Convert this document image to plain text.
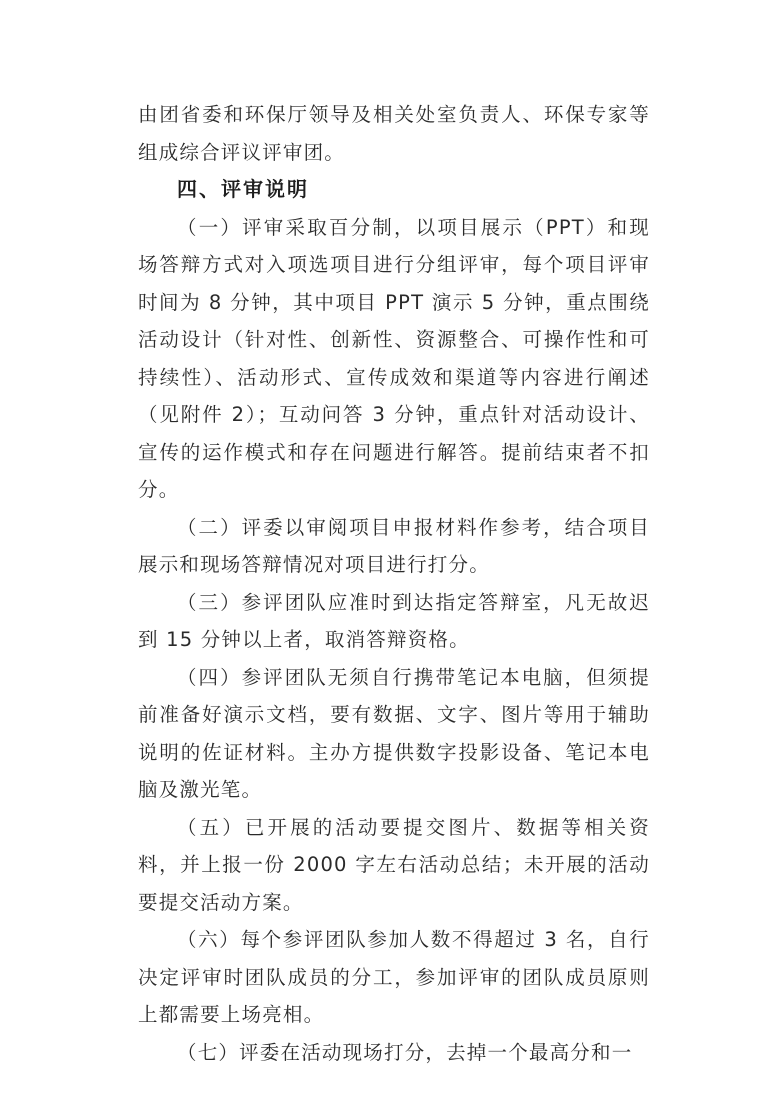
由团省委和环保厅领导及相关处室负责人、环保专家等组成综合评议评审团。

四、评审说明

（一）评审采取百分制，以项目展示（PPT）和现场答辩方式对入项选项目进行分组评审，每个项目评审时间为 8 分钟，其中项目 PPT 演示 5 分钟，重点围绕活动设计（针对性、创新性、资源整合、可操作性和可持续性）、活动形式、宣传成效和渠道等内容进行阐述（见附件 2）；互动问答 3 分钟，重点针对活动设计、宣传的运作模式和存在问题进行解答。提前结束者不扣分。

（二）评委以审阅项目申报材料作参考，结合项目展示和现场答辩情况对项目进行打分。

（三）参评团队应准时到达指定答辩室，凡无故迟到 15 分钟以上者，取消答辩资格。

（四）参评团队无须自行携带笔记本电脑，但须提前准备好演示文档，要有数据、文字、图片等用于辅助说明的佐证材料。主办方提供数字投影设备、笔记本电脑及激光笔。

（五）已开展的活动要提交图片、数据等相关资料，并上报一份 2000 字左右活动总结；未开展的活动要提交活动方案。

（六）每个参评团队参加人数不得超过 3 名，自行决定评审时团队成员的分工，参加评审的团队成员原则上都需要上场亮相。

（七）评委在活动现场打分，去掉一个最高分和一
